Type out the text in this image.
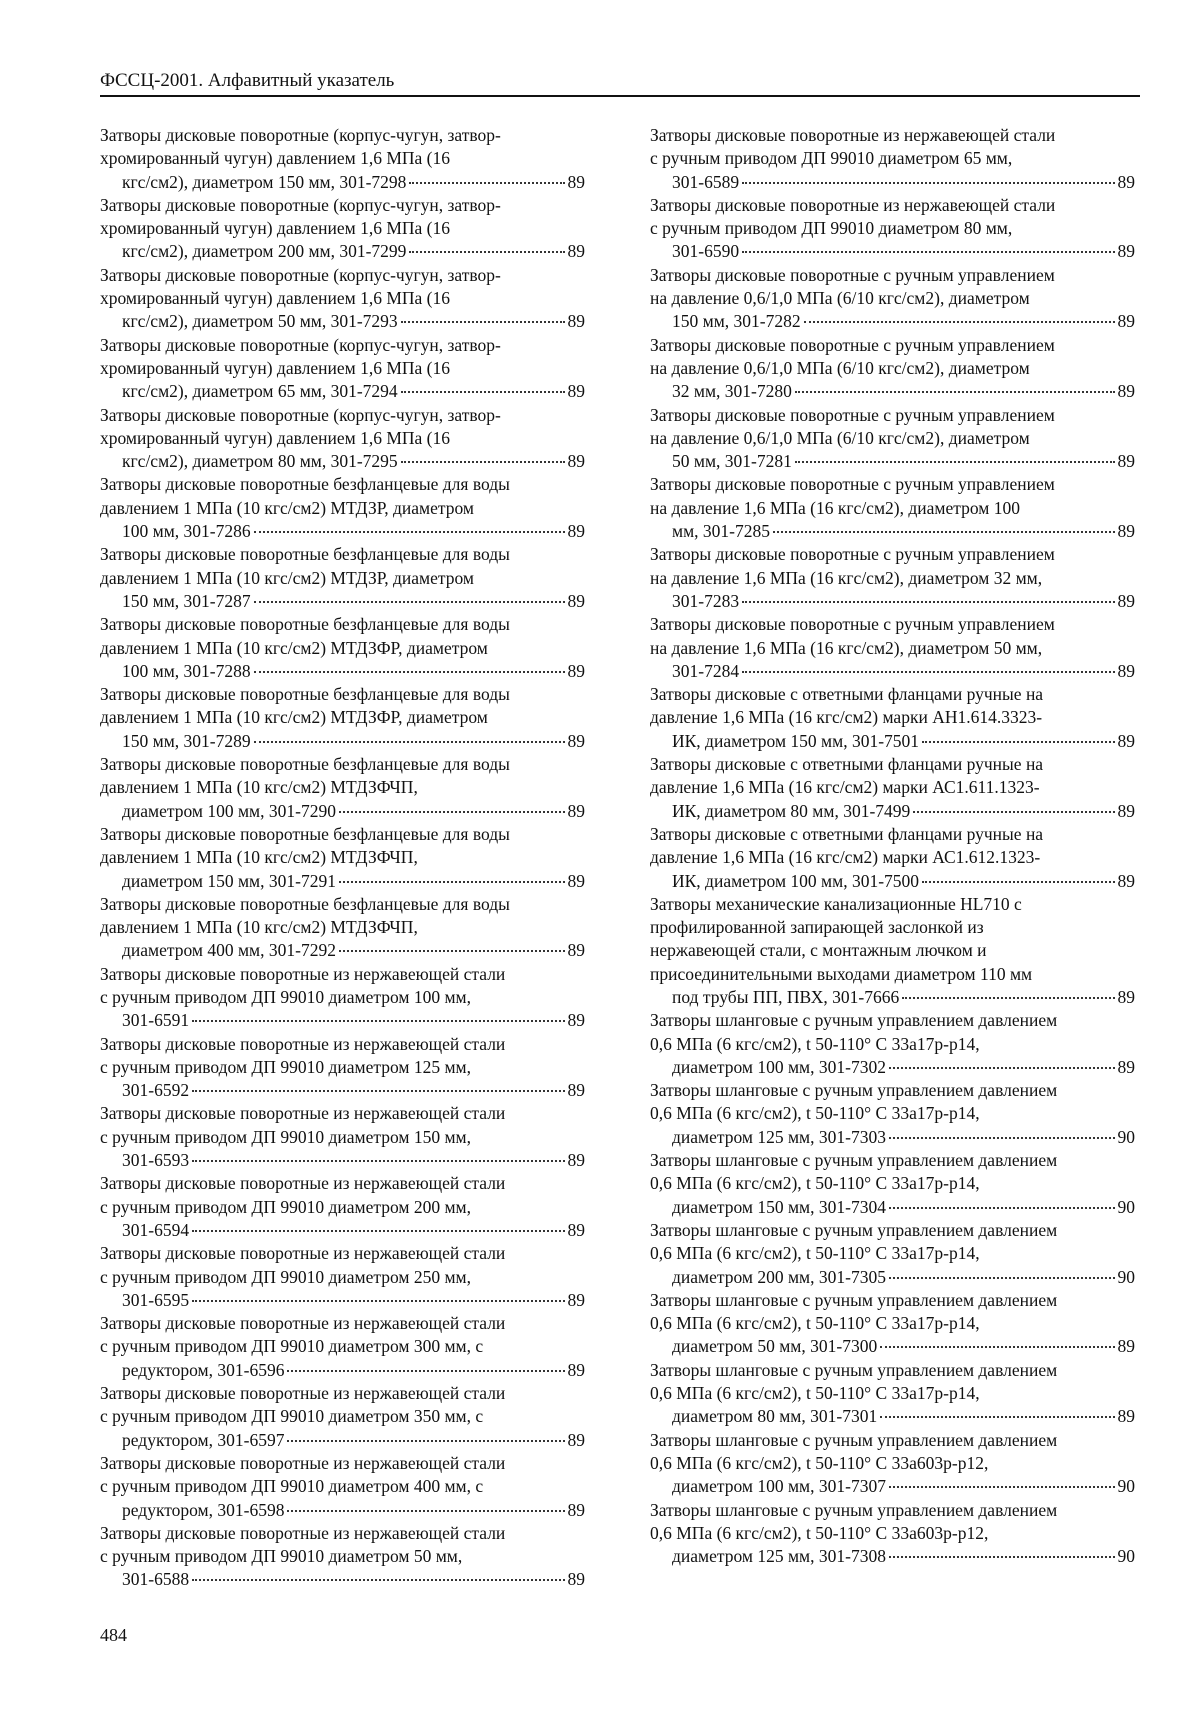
ФССЦ-2001. Алфавитный указатель
Затворы дисковые поворотные (корпус-чугун, затвор-
хромированный чугун) давлением 1,6 МПа (16
кгс/см2), диаметром 150 мм, 301-7298	89
Затворы дисковые поворотные (корпус-чугун, затвор-
хромированный чугун) давлением 1,6 МПа (16
кгс/см2), диаметром 200 мм, 301-7299	89
Затворы дисковые поворотные (корпус-чугун, затвор-
хромированный чугун) давлением 1,6 МПа (16
кгс/см2), диаметром 50 мм, 301-7293	89
Затворы дисковые поворотные (корпус-чугун, затвор-
хромированный чугун) давлением 1,6 МПа (16
кгс/см2), диаметром 65 мм, 301-7294	89
Затворы дисковые поворотные (корпус-чугун, затвор-
хромированный чугун) давлением 1,6 МПа (16
кгс/см2), диаметром 80 мм, 301-7295	89
Затворы дисковые поворотные безфланцевые для воды
давлением 1 МПа (10 кгс/см2) МТДЗР, диаметром
100 мм, 301-7286	89
Затворы дисковые поворотные безфланцевые для воды
давлением 1 МПа (10 кгс/см2) МТДЗР, диаметром
150 мм, 301-7287	89
Затворы дисковые поворотные безфланцевые для воды
давлением 1 МПа (10 кгс/см2) МТДЗФР, диаметром
100 мм, 301-7288	89
Затворы дисковые поворотные безфланцевые для воды
давлением 1 МПа (10 кгс/см2) МТДЗФР, диаметром
150 мм, 301-7289	89
Затворы дисковые поворотные безфланцевые для воды
давлением 1 МПа (10 кгс/см2) МТДЗФЧП,
диаметром 100 мм, 301-7290	89
Затворы дисковые поворотные безфланцевые для воды
давлением 1 МПа (10 кгс/см2) МТДЗФЧП,
диаметром 150 мм, 301-7291	89
Затворы дисковые поворотные безфланцевые для воды
давлением 1 МПа (10 кгс/см2) МТДЗФЧП,
диаметром 400 мм, 301-7292	89
Затворы дисковые поворотные из нержавеющей стали
с ручным приводом ДП 99010 диаметром 100 мм,
301-6591	89
Затворы дисковые поворотные из нержавеющей стали
с ручным приводом ДП 99010 диаметром 125 мм,
301-6592	89
Затворы дисковые поворотные из нержавеющей стали
с ручным приводом ДП 99010 диаметром 150 мм,
301-6593	89
Затворы дисковые поворотные из нержавеющей стали
с ручным приводом ДП 99010 диаметром 200 мм,
301-6594	89
Затворы дисковые поворотные из нержавеющей стали
с ручным приводом ДП 99010 диаметром 250 мм,
301-6595	89
Затворы дисковые поворотные из нержавеющей стали
с ручным приводом ДП 99010 диаметром 300 мм, с
редуктором, 301-6596	89
Затворы дисковые поворотные из нержавеющей стали
с ручным приводом ДП 99010 диаметром 350 мм, с
редуктором, 301-6597	89
Затворы дисковые поворотные из нержавеющей стали
с ручным приводом ДП 99010 диаметром 400 мм, с
редуктором, 301-6598	89
Затворы дисковые поворотные из нержавеющей стали
с ручным приводом ДП 99010 диаметром 50 мм,
301-6588	89
Затворы дисковые поворотные из нержавеющей стали
с ручным приводом ДП 99010 диаметром 65 мм,
301-6589	89
Затворы дисковые поворотные из нержавеющей стали
с ручным приводом ДП 99010 диаметром 80 мм,
301-6590	89
Затворы дисковые поворотные с ручным управлением
на давление 0,6/1,0 МПа (6/10 кгс/см2), диаметром
150 мм, 301-7282	89
Затворы дисковые поворотные с ручным управлением
на давление 0,6/1,0 МПа (6/10 кгс/см2), диаметром
32 мм, 301-7280	89
Затворы дисковые поворотные с ручным управлением
на давление 0,6/1,0 МПа (6/10 кгс/см2), диаметром
50 мм, 301-7281	89
Затворы дисковые поворотные с ручным управлением
на давление 1,6 МПа (16 кгс/см2), диаметром 100
мм, 301-7285	89
Затворы дисковые поворотные с ручным управлением
на давление 1,6 МПа (16 кгс/см2), диаметром 32 мм,
301-7283	89
Затворы дисковые поворотные с ручным управлением
на давление 1,6 МПа (16 кгс/см2), диаметром 50 мм,
301-7284	89
Затворы дисковые с ответными фланцами ручные на
давление 1,6 МПа (16 кгс/см2) марки АН1.614.3323-
ИК, диаметром 150 мм, 301-7501	89
Затворы дисковые с ответными фланцами ручные на
давление 1,6 МПа (16 кгс/см2) марки АС1.611.1323-
ИК, диаметром 80 мм, 301-7499	89
Затворы дисковые с ответными фланцами ручные на
давление 1,6 МПа (16 кгс/см2) марки АС1.612.1323-
ИК, диаметром 100 мм, 301-7500	89
Затворы механические канализационные HL710 с
профилированной запирающей заслонкой из
нержавеющей стали, с монтажным лючком и
присоединительными выходами диаметром 110 мм
под трубы ПП, ПВХ, 301-7666	89
Затворы шланговые с ручным управлением давлением
0,6 МПа (6 кгс/см2), t 50-110° С 33а17р-р14,
диаметром 100 мм, 301-7302	89
Затворы шланговые с ручным управлением давлением
0,6 МПа (6 кгс/см2), t 50-110° С 33а17р-р14,
диаметром 125 мм, 301-7303	90
Затворы шланговые с ручным управлением давлением
0,6 МПа (6 кгс/см2), t 50-110° С 33а17р-р14,
диаметром 150 мм, 301-7304	90
Затворы шланговые с ручным управлением давлением
0,6 МПа (6 кгс/см2), t 50-110° С 33а17р-р14,
диаметром 200 мм, 301-7305	90
Затворы шланговые с ручным управлением давлением
0,6 МПа (6 кгс/см2), t 50-110° С 33а17р-р14,
диаметром 50 мм, 301-7300	89
Затворы шланговые с ручным управлением давлением
0,6 МПа (6 кгс/см2), t 50-110° С 33а17р-р14,
диаметром 80 мм, 301-7301	89
Затворы шланговые с ручным управлением давлением
0,6 МПа (6 кгс/см2), t 50-110° С 33а603р-р12,
диаметром 100 мм, 301-7307	90
Затворы шланговые с ручным управлением давлением
0,6 МПа (6 кгс/см2), t 50-110° С 33а603р-р12,
диаметром 125 мм, 301-7308	90
484
